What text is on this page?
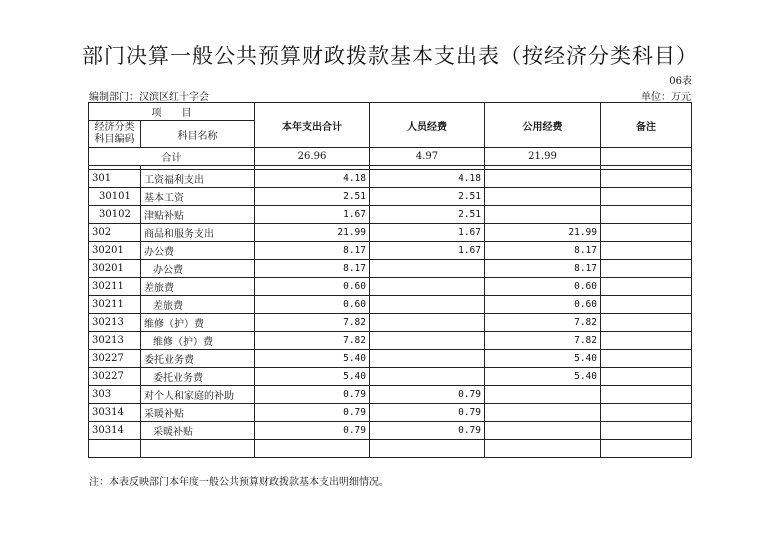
部门决算一般公共预算财政拨款基本支出表（按经济分类科目）
06表
编制部门：汉滨区红十字会	单位：万元
项　　目		本年支出合计	人员经费	公用经费	备注
经济分类科目编码	科目名称				
合计		26.96	4.97	21.99	

301	工资福利支出	4.18	4.18		
30101	基本工资	2.51	2.51		
30102	津贴补贴	1.67	2.51		
302	商品和服务支出	21.99	1.67	21.99	
30201	办公费	8.17	1.67	8.17	
30201	办公费	8.17		8.17	
30211	差旅费	0.60		0.60	
30211	差旅费	0.60		0.60	
30213	维修（护）费	7.82		7.82	
30213	维修（护）费	7.82		7.82	
30227	委托业务费	5.40		5.40	
30227	委托业务费	5.40		5.40	
303	对个人和家庭的补助	0.79	0.79		
30314	采暖补贴	0.79	0.79		
30314	采暖补贴	0.79	0.79		

注：本表反映部门本年度一般公共预算财政拨款基本支出明细情况。
